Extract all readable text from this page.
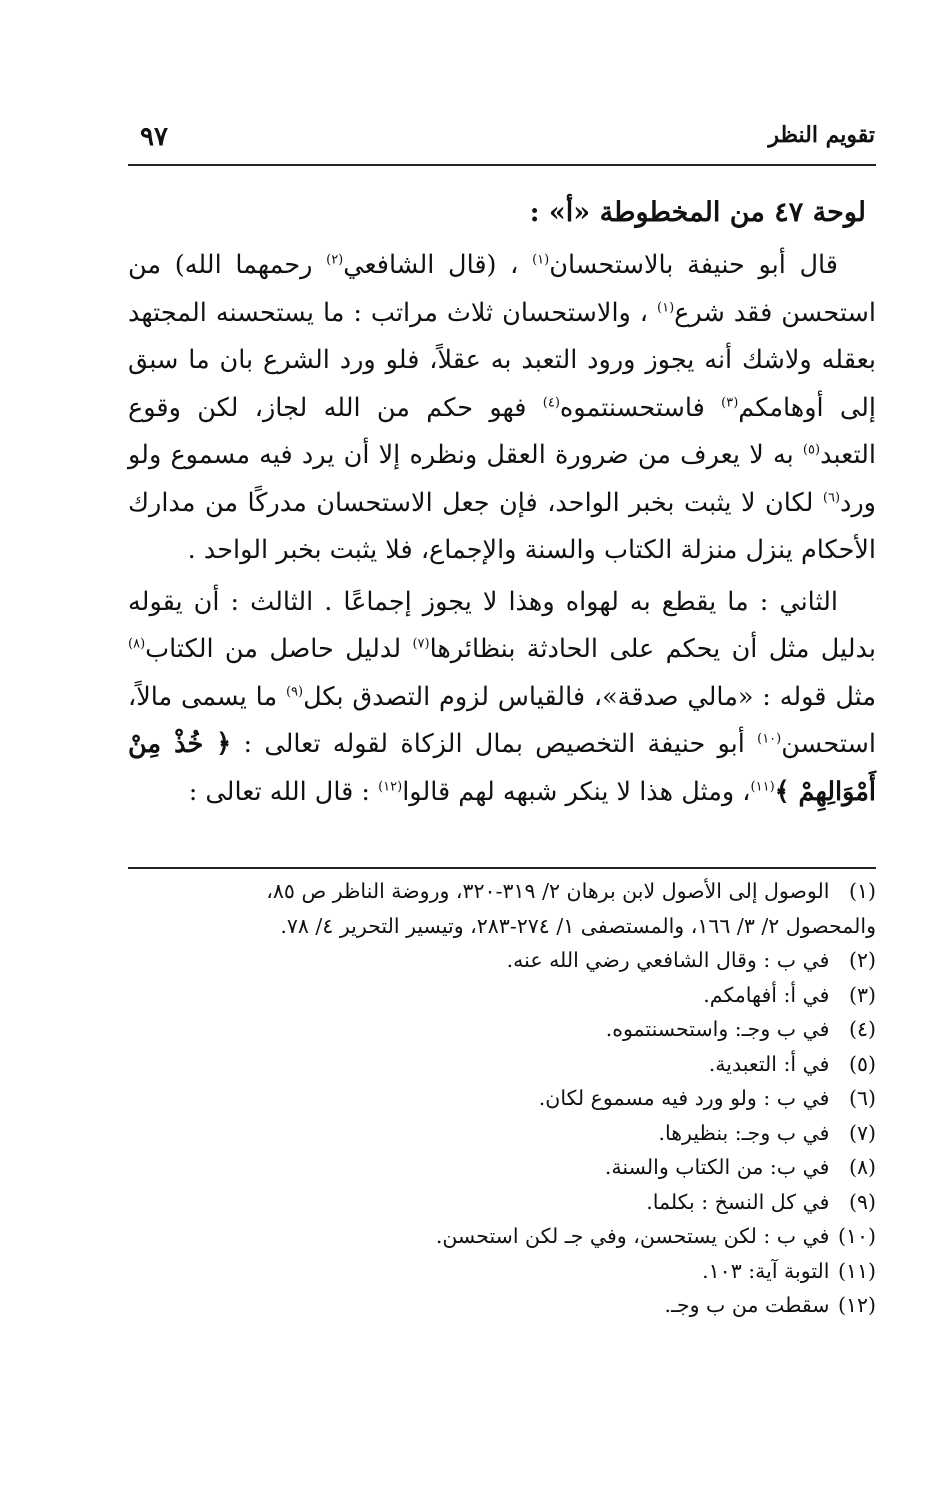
تقويم النظر
٩٧

لوحة ٤٧ من المخطوطة «أ» :

قال أبو حنيفة بالاستحسان$^{(١)}$ ، (قال الشافعي$^{(٢)}$ رحمهما الله) من استحسن فقد شرع$^{(١)}$ ، والاستحسان ثلاث مراتب : ما يستحسنه المجتهد بعقله ولاشك أنه يجوز ورود التعبد به عقلاً، فلو ورد الشرع بان ما سبق إلى أوهامكم$^{(٣)}$ فاستحسنتموه$^{(٤)}$ فهو حكم من الله لجاز، لكن وقوع التعبد$^{(٥)}$ به لا يعرف من ضرورة العقل ونظره إلا أن يرد فيه مسموع ولو ورد$^{(٦)}$ لكان لا يثبت بخبر الواحد، فإن جعل الاستحسان مدركًا من مدارك الأحكام ينزل منزلة الكتاب والسنة والإجماع، فلا يثبت بخبر الواحد .

الثاني : ما يقطع به لهواه وهذا لا يجوز إجماعًا . الثالث : أن يقوله بدليل مثل أن يحكم على الحادثة بنظائرها$^{(٧)}$ لدليل حاصل من الكتاب$^{(٨)}$ مثل قوله : «مالي صدقة»، فالقياس لزوم التصدق بكل$^{(٩)}$ ما يسمى مالاً، استحسن$^{(١٠)}$ أبو حنيفة التخصيص بمال الزكاة لقوله تعالى : ﴿ خُذْ مِنْ أَمْوَالِهِمْ ﴾$^{(١١)}$، ومثل هذا لا ينكر شبهه لهم قالوا$^{(١٢)}$ : قال الله تعالى :

(١) الوصول إلى الأصول لابن برهان ٢/ ٣١٩-٣٢٠، وروضة الناظر ص ٨٥،

والمحصول ٢/ ٣/ ١٦٦، والمستصفى ١/ ٢٧٤-٢٨٣، وتيسير التحرير ٤/ ٧٨.

(٢) في ب : وقال الشافعي رضي الله عنه.

(٣) في أ: أفهامكم.

(٤) في ب وجـ: واستحسنتموه.

(٥) في أ: التعبدية.

(٦) في ب : ولو ورد فيه مسموع لكان.

(٧) في ب وجـ: بنظيرها.

(٨) في ب: من الكتاب والسنة.

(٩) في كل النسخ : بكلما.

(١٠) في ب : لكن يستحسن، وفي جـ لكن استحسن.

(١١) التوبة آية: ١٠٣.

(١٢) سقطت من ب وجـ.
